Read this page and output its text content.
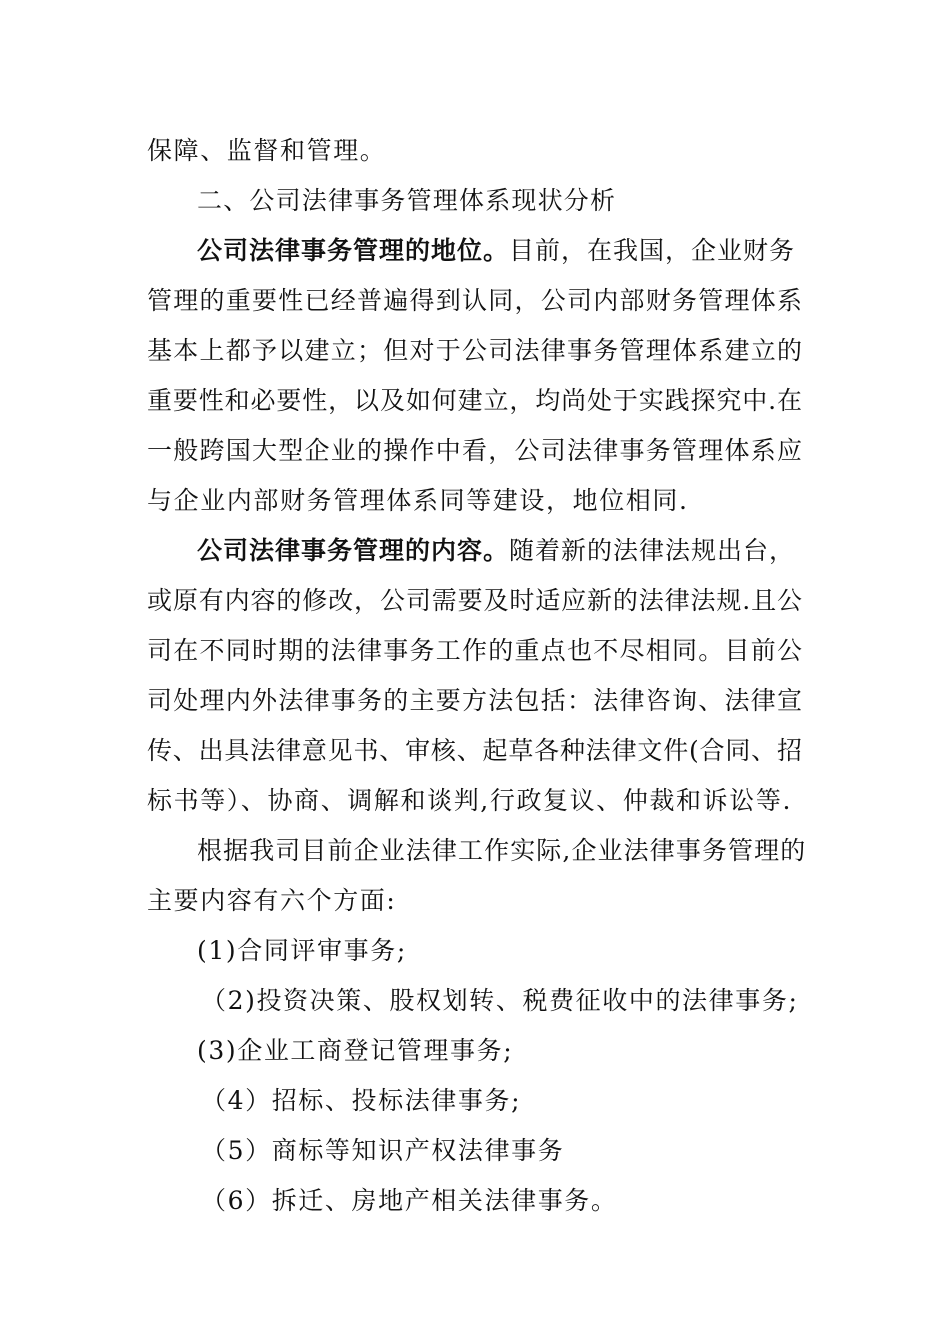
保障、监督和管理。
二、公司法律事务管理体系现状分析
公司法律事务管理的地位。目前，在我国，企业财务
管理的重要性已经普遍得到认同，公司内部财务管理体系
基本上都予以建立；但对于公司法律事务管理体系建立的
重要性和必要性，以及如何建立，均尚处于实践探究中.在
一般跨国大型企业的操作中看，公司法律事务管理体系应
与企业内部财务管理体系同等建设，地位相同.
公司法律事务管理的内容。随着新的法律法规出台，
或原有内容的修改，公司需要及时适应新的法律法规.且公
司在不同时期的法律事务工作的重点也不尽相同。目前公
司处理内外法律事务的主要方法包括：法律咨询、法律宣
传、出具法律意见书、审核、起草各种法律文件(合同、招
标书等）、协商、调解和谈判,行政复议、仲裁和诉讼等.
根据我司目前企业法律工作实际,企业法律事务管理的
主要内容有六个方面:
(1)合同评审事务;
（2)投资决策、股权划转、税费征收中的法律事务;
(3)企业工商登记管理事务;
（4）招标、投标法律事务;
（5）商标等知识产权法律事务
（6）拆迁、房地产相关法律事务。
